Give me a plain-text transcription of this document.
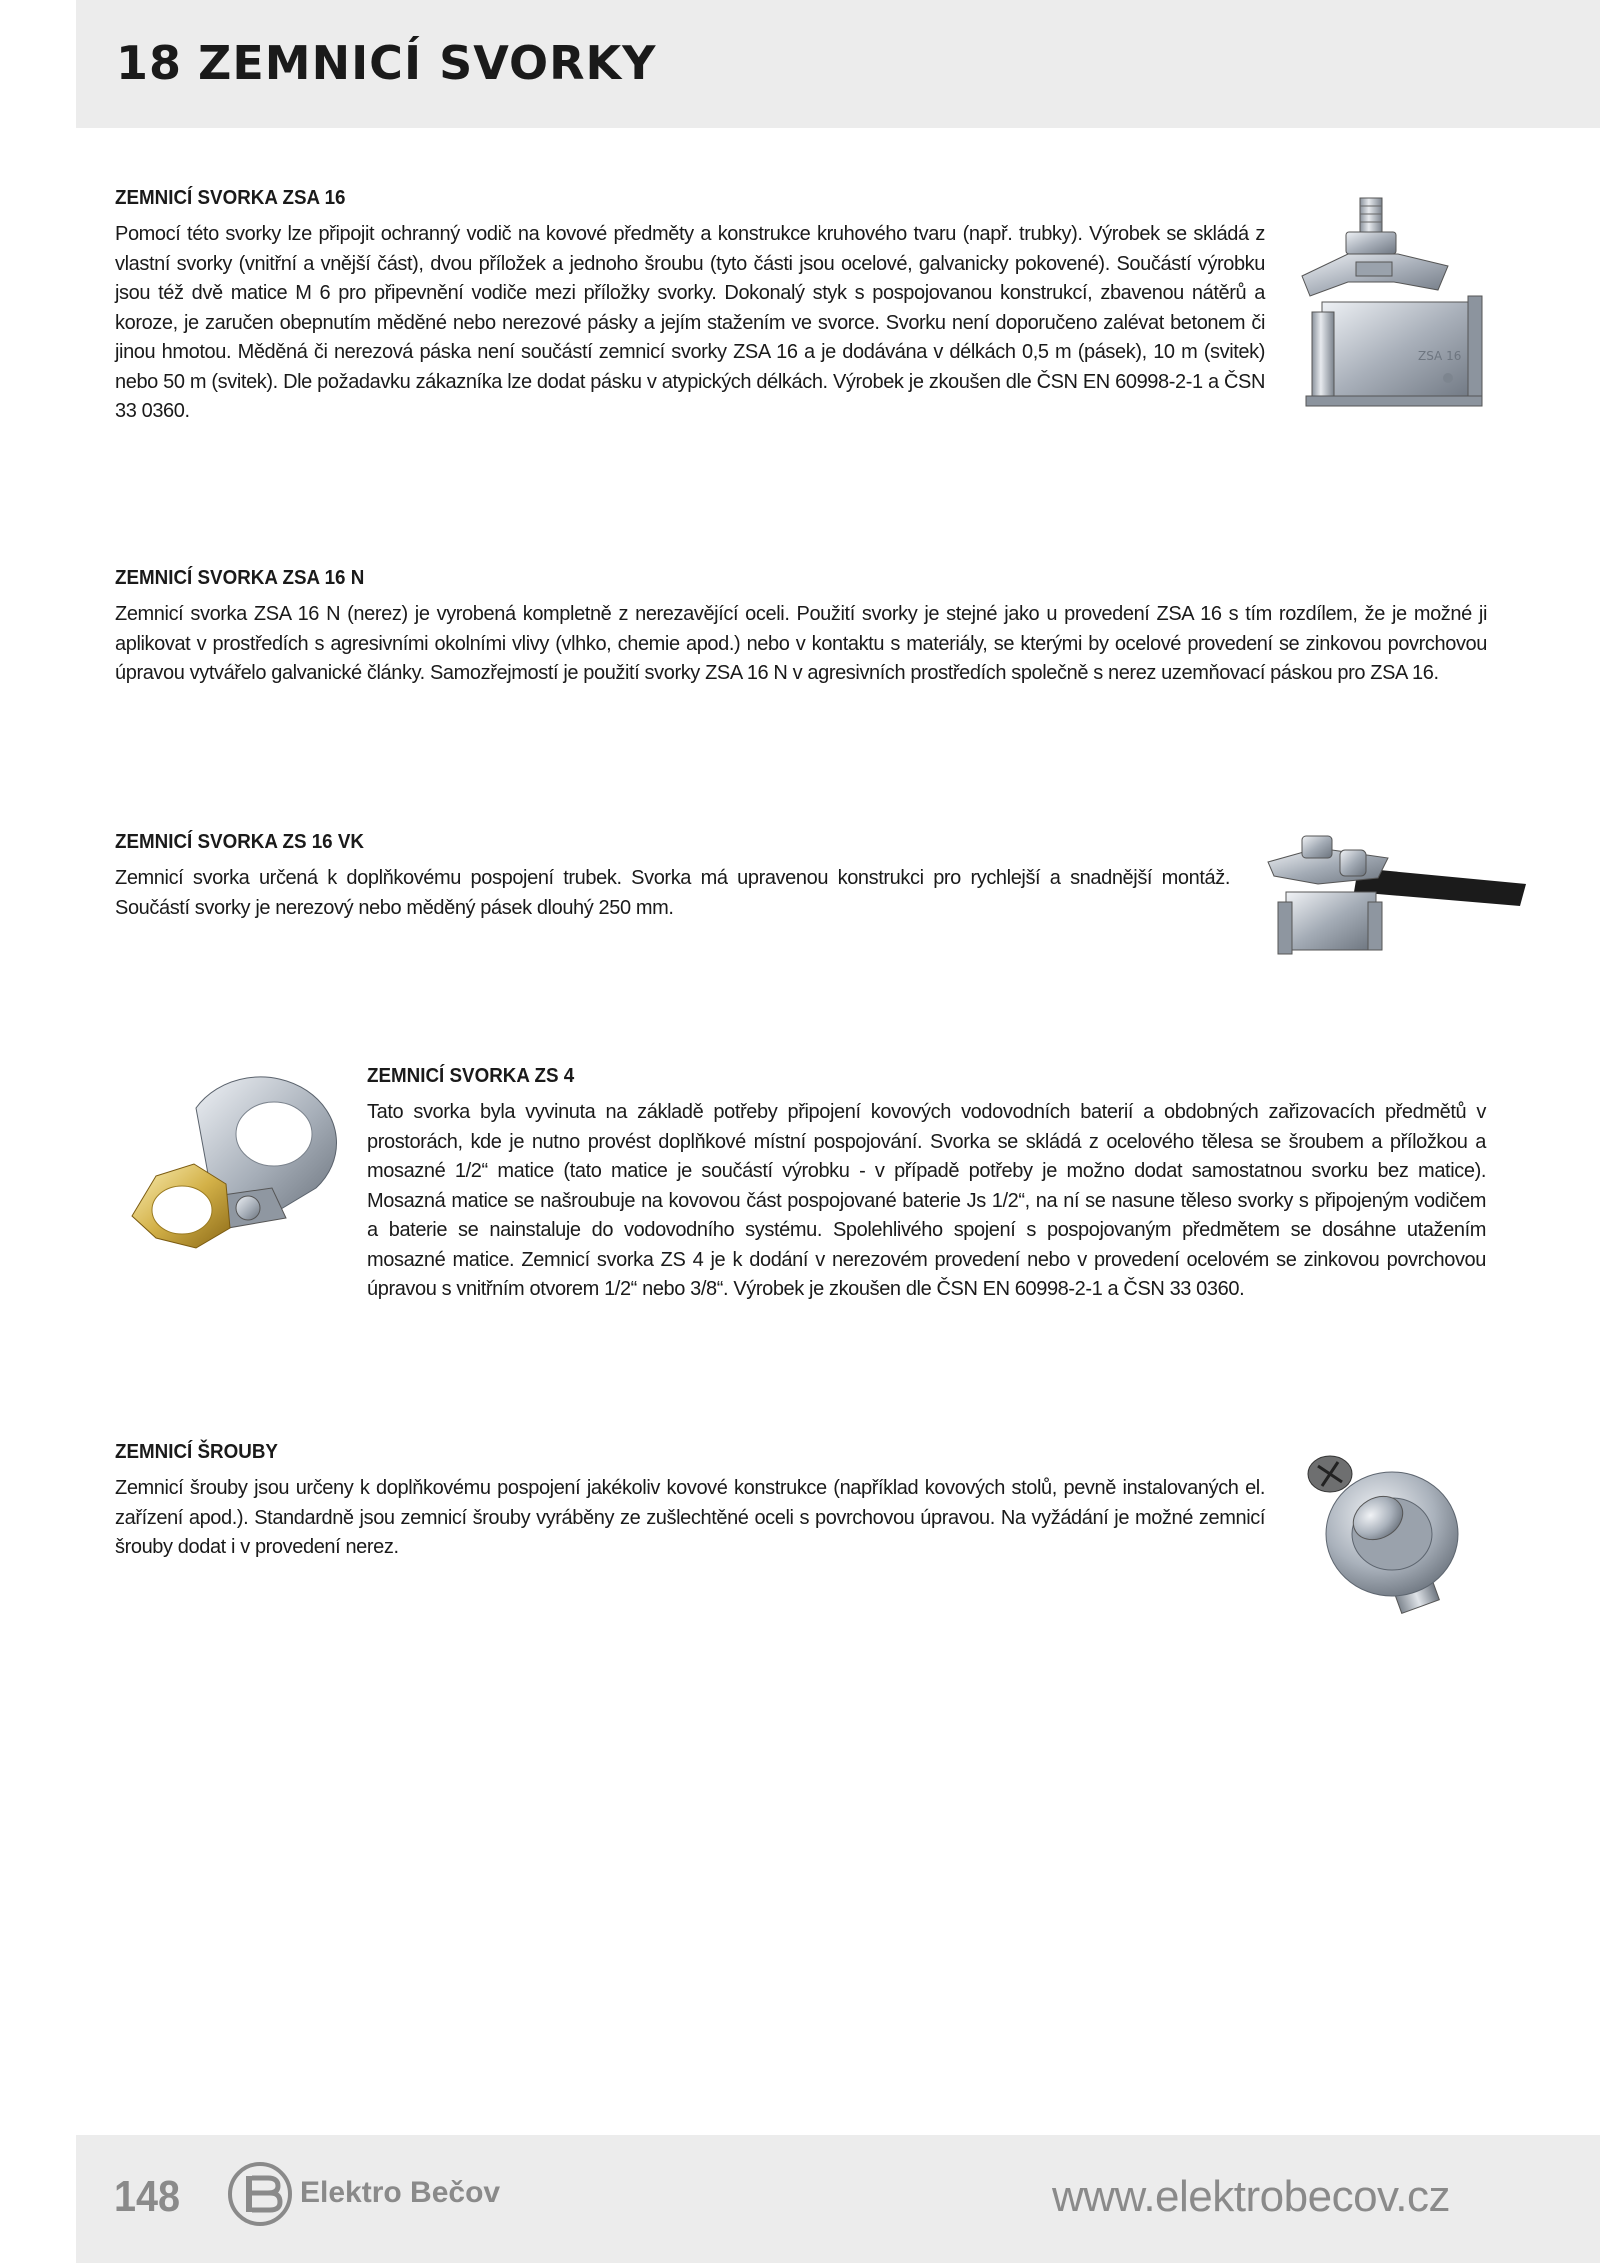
18 ZEMNICÍ SVORKY
ZEMNICÍ SVORKA ZSA 16

Pomocí této svorky lze připojit ochranný vodič na kovové předměty a konstrukce kruhového tvaru (např. trubky). Výrobek se skládá z vlastní svorky (vnitřní a vnější část), dvou příložek a jednoho šroubu (tyto části jsou ocelové, galvanicky pokovené). Součástí výrobku jsou též dvě matice M 6 pro připevnění vodiče mezi příložky svorky. Dokonalý styk s pospojovanou konstrukcí, zbavenou nátěrů a koroze, je zaručen obepnutím měděné nebo nerezové pásky a jejím stažením ve svorce. Svorku není doporučeno zalévat betonem či jinou hmotou. Měděná či nerezová páska není součástí zemnicí svorky ZSA 16 a je dodávána v délkách 0,5 m (pásek), 10 m (svitek) nebo 50 m (svitek). Dle požadavku zákazníka lze dodat pásku v atypických délkách. Výrobek je zkoušen dle ČSN EN 60998-2-1 a ČSN 33 0360.

ZSA 16
ZEMNICÍ SVORKA ZSA 16 N

Zemnicí svorka ZSA 16 N (nerez) je vyrobená kompletně z nerezavějící oceli. Použití svorky je stejné jako u provedení ZSA 16 s tím rozdílem, že je možné ji aplikovat v prostředích s agresivními okolními vlivy (vlhko, chemie apod.) nebo v kontaktu s materiály, se kterými by ocelové provedení se zinkovou povrchovou úpravou vytvářelo galvanické články. Samozřejmostí je použití svorky ZSA 16 N v agresivních prostředích společně s nerez uzemňovací páskou pro ZSA 16.

ZEMNICÍ SVORKA ZS 16 VK

Zemnicí svorka určená k doplňkovému pospojení trubek. Svorka má upravenou konstrukci pro rychlejší a snadnější montáž. Součástí svorky je nerezový nebo měděný pásek dlouhý 250 mm.

ZEMNICÍ SVORKA ZS 4

Tato svorka byla vyvinuta na základě potřeby připojení kovových vodovodních baterií a obdobných zařizovacích předmětů v prostorách, kde je nutno provést doplňkové místní pospojování. Svorka se skládá z ocelového tělesa se šroubem a příložkou a mosazné 1/2“ matice (tato matice je součástí výrobku - v případě potřeby je možno dodat samostatnou svorku bez matice). Mosazná matice se našroubuje na kovovou část pospojované baterie Js 1/2“, na ní se nasune těleso svorky s připojeným vodičem a baterie se nainstaluje do vodovodního systému. Spolehlivého spojení s pospojovaným předmětem se dosáhne utažením mosazné matice. Zemnicí svorka ZS 4 je k dodání v nerezovém provedení nebo v provedení ocelovém se zinkovou povrchovou úpravou s vnitřním otvorem 1/2“ nebo 3/8“. Výrobek je zkoušen dle ČSN EN 60998-2-1 a ČSN 33 0360.

ZEMNICÍ ŠROUBY

Zemnicí šrouby jsou určeny k doplňkovému pospojení jakékoliv kovové konstrukce (například kovových stolů, pevně instalovaných el. zařízení apod.). Standardně jsou zemnicí šrouby vyráběny ze zušlechtěné oceli s povrchovou úpravou. Na vyžádání je možné zemnicí šrouby dodat i v provedení nerez.

148	Elektro Bečov	www.elektrobecov.cz
